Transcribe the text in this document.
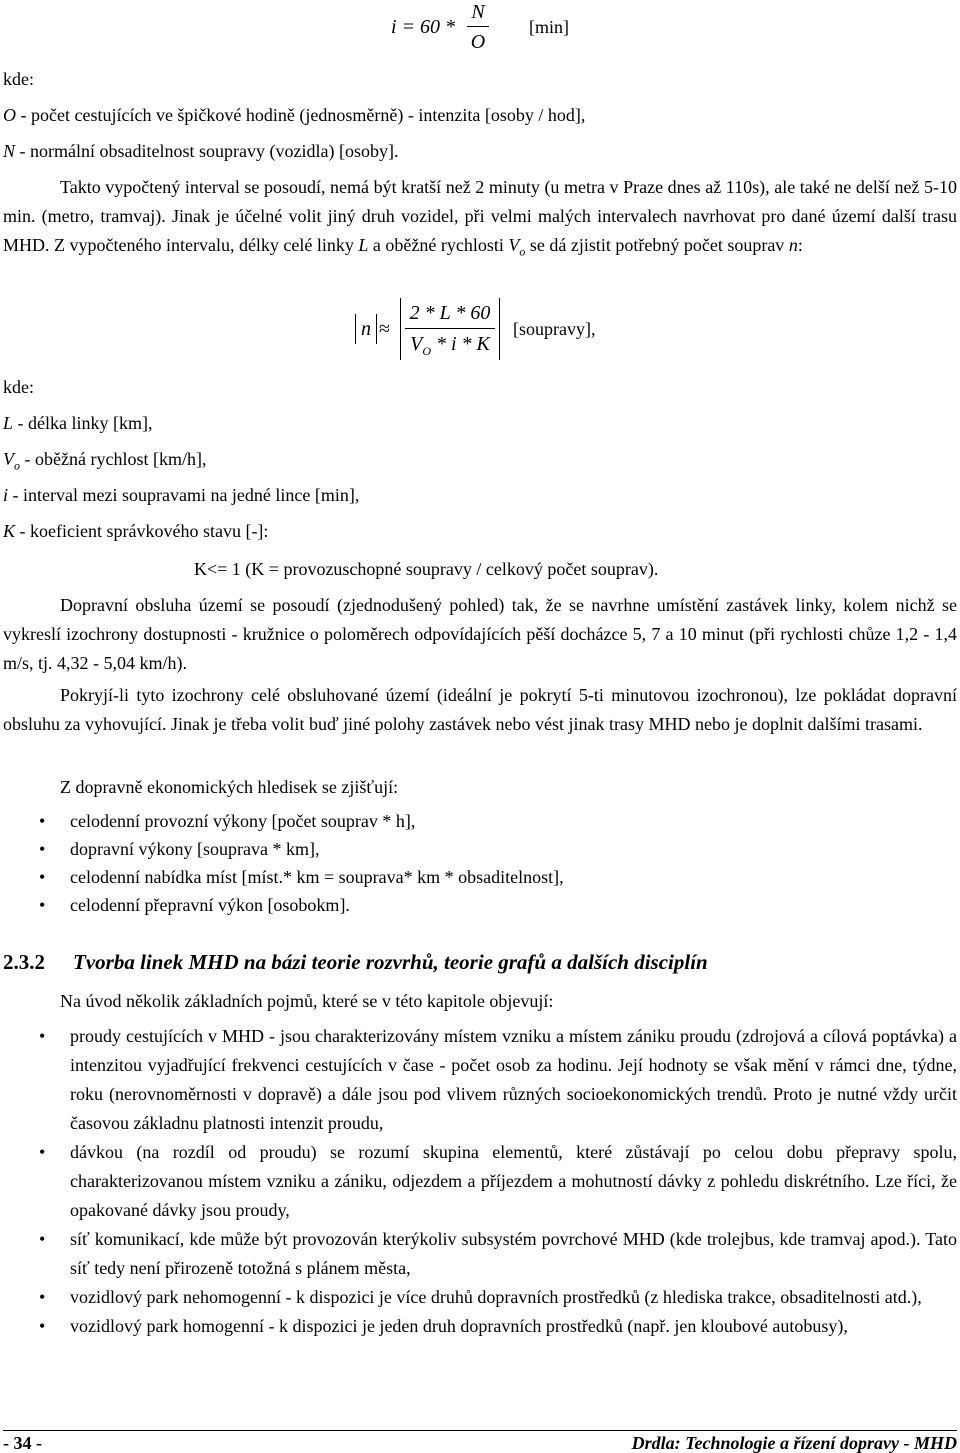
i = 60 *
N
O
[min]

kde:

O - počet cestujících ve špičkové hodině (jednosměrně) - intenzita [osoby / hod],

N - normální obsaditelnost soupravy (vozidla) [osoby].

Takto vypočtený interval se posoudí, nemá být kratší než 2 minuty (u metra v Praze dnes až 110s), ale také ne delší než 5-10 min. (metro, tramvaj). Jinak je účelné volit jiný druh vozidel, při velmi malých intervalech navrhovat pro dané území další trasu MHD. Z vypočteného intervalu, délky celé linky L a oběžné rychlosti $V_o$ se dá zjistit potřebný počet souprav n:

n ≈
2 * L * 60
$V_O$ * i * K
[soupravy],

kde:

L - délka linky [km],

$V_o$ - oběžná rychlost [km/h],

i - interval mezi soupravami na jedné lince [min],

K - koeficient správkového stavu [-]:

K<= 1 (K = provozuschopné soupravy / celkový počet souprav).

Dopravní obsluha území se posoudí (zjednodušený pohled) tak, že se navrhne umístění zastávek linky, kolem nichž se vykreslí izochrony dostupnosti - kružnice o poloměrech odpovídajících pěší docházce 5, 7 a 10 minut (při rychlosti chůze 1,2 - 1,4 m/s, tj. 4,32 - 5,04 km/h).

Pokryjí-li tyto izochrony celé obsluhované území (ideální je pokrytí 5-ti minutovou izochronou), lze pokládat dopravní obsluhu za vyhovující. Jinak je třeba volit buď jiné polohy zastávek nebo vést jinak trasy MHD nebo je doplnit dalšími trasami.

Z dopravně ekonomických hledisek se zjišťují:

• celodenní provozní výkony [počet souprav * h],
• dopravní výkony [souprava * km],
• celodenní nabídka míst [míst.* km = souprava* km * obsaditelnost],
• celodenní přepravní výkon [osobokm].

2.3.2 Tvorba linek MHD na bázi teorie rozvrhů, teorie grafů a dalších disciplín

Na úvod několik základních pojmů, které se v této kapitole objevují:

• proudy cestujících v MHD - jsou charakterizovány místem vzniku a místem zániku proudu (zdrojová a cílová poptávka) a intenzitou vyjadřující frekvenci cestujících v čase - počet osob za hodinu. Její hodnoty se však mění v rámci dne, týdne, roku (nerovnoměrnosti v dopravě) a dále jsou pod vlivem různých socioekonomických trendů. Proto je nutné vždy určit časovou základnu platnosti intenzit proudu,
• dávkou (na rozdíl od proudu) se rozumí skupina elementů, které zůstávají po celou dobu přepravy spolu, charakterizovanou místem vzniku a zániku, odjezdem a příjezdem a mohutností dávky z pohledu diskrétního. Lze říci, že opakované dávky jsou proudy,
• síť komunikací, kde může být provozován kterýkoliv subsystém povrchové MHD (kde trolejbus, kde tramvaj apod.). Tato síť tedy není přirozeně totožná s plánem města,
• vozidlový park nehomogenní - k dispozici je více druhů dopravních prostředků (z hlediska trakce, obsaditelnosti atd.),
• vozidlový park homogenní - k dispozici je jeden druh dopravních prostředků (např. jen kloubové autobusy),
- 34 -	Drdla: Technologie a řízení dopravy - MHD
